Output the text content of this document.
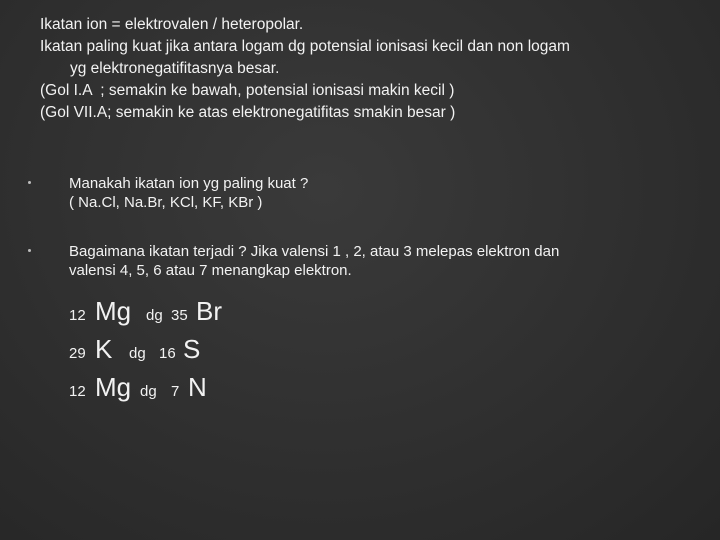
Ikatan ion = elektrovalen / heteropolar.

Ikatan paling kuat jika antara logam dg potensial ionisasi kecil dan non logam

yg elektronegatifitasnya besar.

(Gol I.A  ; semakin ke bawah, potensial ionisasi makin kecil )

(Gol VII.A; semakin ke atas elektronegatifitas smakin besar )

Manakah ikatan ion yg paling kuat ?

( Na.Cl, Na.Br, KCl, KF, KBr )

Bagaimana ikatan terjadi ? Jika valensi 1 , 2, atau 3 melepas elektron dan

valensi 4, 5, 6 atau 7 menangkap elektron.

12 Mg dg 35 Br
29 K dg 16 S
12 Mg dg 7 N
